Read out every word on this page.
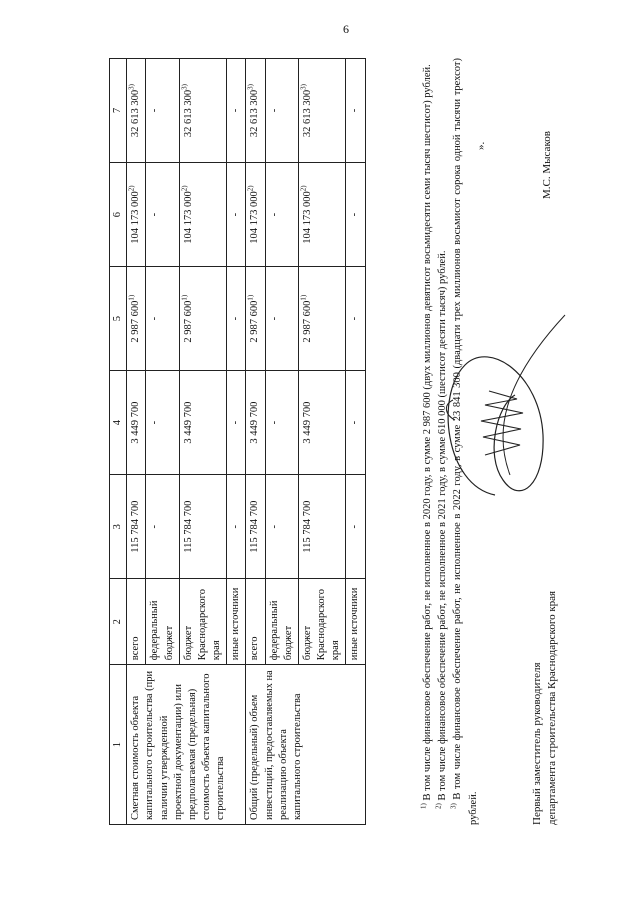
6
1	2	3	4	5	6	7
Сметная стоимость объекта капитального строительства (при наличии утвержденной проектной документации) или предполагаемая (предельная) стоимость объекта капитального строительства	всего	115 784 700	3 449 700	2 987 600$^{1)}$	104 173 000$^{2)}$	32 613 300$^{3)}$
	федеральный бюджет	-	-	-	-	-
	бюджет Краснодарского края	115 784 700	3 449 700	2 987 600$^{1)}$	104 173 000$^{2)}$	32 613 300$^{3)}$
	иные источники	-	-	-	-	-
Общий (предельный) объем инвестиций, предоставляемых на реализацию объекта капитального строительства	всего	115 784 700	3 449 700	2 987 600$^{1)}$	104 173 000$^{2)}$	32 613 300$^{3)}$
	федеральный бюджет	-	-	-	-	-
	бюджет Краснодарского края	115 784 700	3 449 700	2 987 600$^{1)}$	104 173 000$^{2)}$	32 613 300$^{3)}$
	иные источники	-	-	-	-	-

$^{1)}$ В том числе финансовое обеспечение работ, не исполненное в 2020 году, в сумме 2 987 600 (двух миллионов девятисот восьмидесяти семи тысяч шестисот) рублей.

$^{2)}$ В том числе финансовое обеспечение работ, не исполненное в 2021 году, в сумме 610 000 (шестисот десяти тысяч) рублей.

$^{3)}$ В том числе финансовое обеспечение работ, не исполненное в 2022 году, в сумме 23 841 300 (двадцати трех миллионов восьмисот сорока одной тысячи трехсот) рублей.

».
Первый заместитель руководителя департамента строительства Краснодарского края
М.С. Мысаков
